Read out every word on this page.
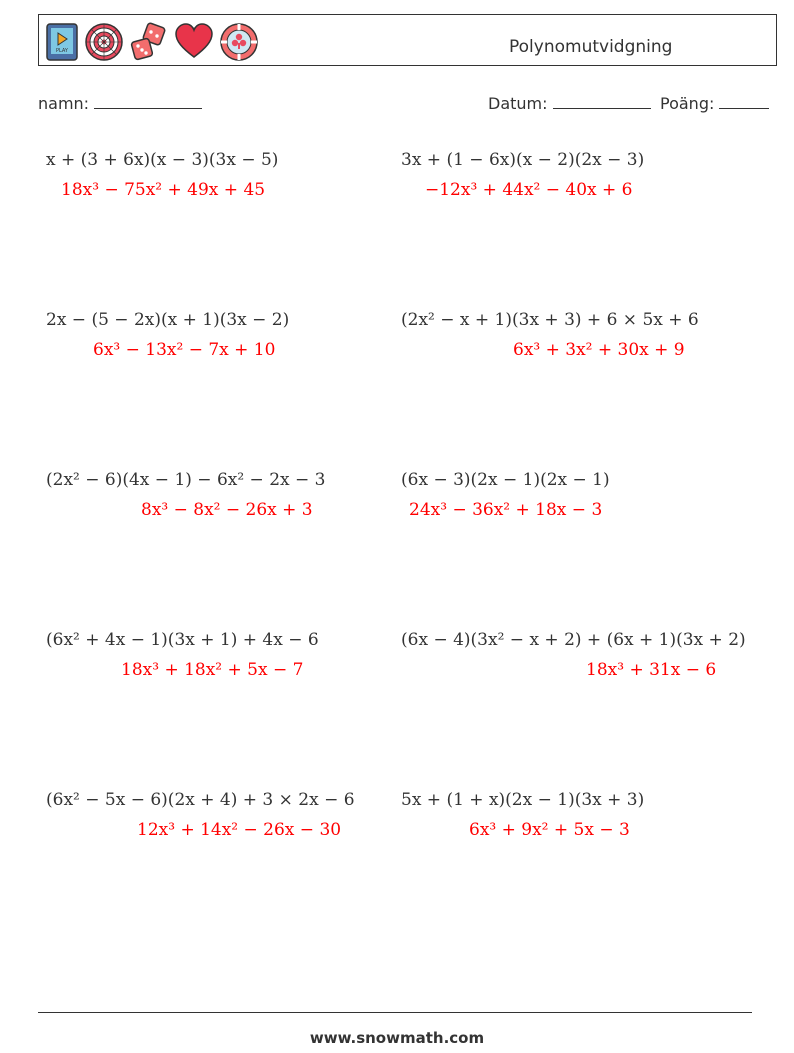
PLAY	Polynomutvidgning
namn:	Datum:	Poäng:
x + (3 + 6x)(x − 3)(3x − 5)
18x³ − 75x² + 49x + 45
3x + (1 − 6x)(x − 2)(2x − 3)
−12x³ + 44x² − 40x + 6
2x − (5 − 2x)(x + 1)(3x − 2)
6x³ − 13x² − 7x + 10
(2x² − x + 1)(3x + 3) + 6 × 5x + 6
6x³ + 3x² + 30x + 9
(2x² − 6)(4x − 1) − 6x² − 2x − 3
8x³ − 8x² − 26x + 3
(6x − 3)(2x − 1)(2x − 1)
24x³ − 36x² + 18x − 3
(6x² + 4x − 1)(3x + 1) + 4x − 6
18x³ + 18x² + 5x − 7
(6x − 4)(3x² − x + 2) + (6x + 1)(3x + 2)
18x³ + 31x − 6
(6x² − 5x − 6)(2x + 4) + 3 × 2x − 6
12x³ + 14x² − 26x − 30
5x + (1 + x)(2x − 1)(3x + 3)
6x³ + 9x² + 5x − 3
www.snowmath.com
